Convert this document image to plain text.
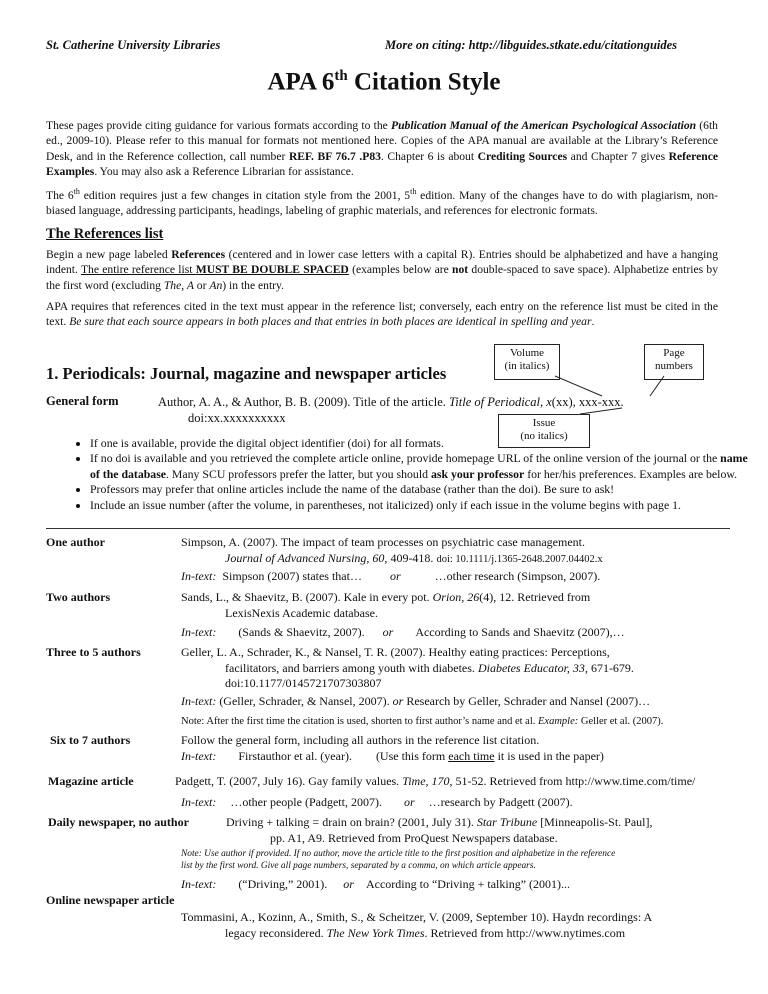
St. Catherine University Libraries	More on citing: http://libguides.stkate.edu/citationguides
APA 6th Citation Style
These pages provide citing guidance for various formats according to the Publication Manual of the American Psychological Association (6th ed., 2009-10). Please refer to this manual for formats not mentioned here. Copies of the APA manual are available at the Library’s Reference Desk, and in the Reference collection, call number REF. BF 76.7 .P83. Chapter 6 is about Crediting Sources and Chapter 7 gives Reference Examples. You may also ask a Reference Librarian for assistance.
The 6th edition requires just a few changes in citation style from the 2001, 5th edition. Many of the changes have to do with plagiarism, non-biased language, addressing participants, headings, labeling of graphic materials, and references for electronic formats.
The References list
Begin a new page labeled References (centered and in lower case letters with a capital R). Entries should be alphabetized and have a hanging indent. The entire reference list MUST BE DOUBLE SPACED (examples below are not double-spaced to save space). Alphabetize entries by the first word (excluding The, A or An) in the entry.
APA requires that references cited in the text must appear in the reference list; conversely, each entry on the reference list must be cited in the text. Be sure that each source appears in both places and that entries in both places are identical in spelling and year.
Volume
(in italics)
Page
numbers
Issue
(no italics)
1. Periodicals: Journal, magazine and newspaper articles
General form	Author, A. A., & Author, B. B. (2009). Title of the article. Title of Periodical, x(xx), xxx-xxx.
doi:xx.xxxxxxxxxx
• If one is available, provide the digital object identifier (doi) for all formats.
• If no doi is available and you retrieved the complete article online, provide homepage URL of the online version of the journal or the name of the database. Many SCU professors prefer the latter, but you should ask your professor for her/his preferences. Examples are below.
• Professors may prefer that online articles include the name of the database (rather than the doi). Be sure to ask!
• Include an issue number (after the volume, in parentheses, not italicized) only if each issue in the volume begins with page 1.
One author	Simpson, A. (2007). The impact of team processes on psychiatric case management.
Journal of Advanced Nursing, 60, 409-418. doi: 10.1111/j.1365-2648.2007.04402.x
In-text: Simpson (2007) states that… or	…other research (Simpson, 2007).
Two authors	Sands, L., & Shaevitz, B. (2007). Kale in every pot. Orion, 26(4), 12. Retrieved from
LexisNexis Academic database.
In-text: (Sands & Shaevitz, 2007). or According to Sands and Shaevitz (2007),…
Three to 5 authors	Geller, L. A., Schrader, K., & Nansel, T. R. (2007). Healthy eating practices: Perceptions,
facilitators, and barriers among youth with diabetes. Diabetes Educator, 33, 671-679.
doi:10.1177/0145721707303807
In-text: (Geller, Schrader, & Nansel, 2007). or Research by Geller, Schrader and Nansel (2007)…
Note: After the first time the citation is used, shorten to first author’s name and et al. Example: Geller et al. (2007).
Six to 7 authors	Follow the general form, including all authors in the reference list citation.
In-text: Firstauthor et al. (year). (Use this form each time it is used in the paper)
Magazine article	Padgett, T. (2007, July 16). Gay family values. Time, 170, 51-52. Retrieved from http://www.time.com/time/
In-text: …other people (Padgett, 2007). or …research by Padgett (2007).
Daily newspaper, no author	Driving + talking = drain on brain? (2001, July 31). Star Tribune [Minneapolis-St. Paul],
pp. A1, A9. Retrieved from ProQuest Newspapers database.
Note: Use author if provided. If no author, move the article title to the first position and alphabetize in the reference
list by the first word. Give all page numbers, separated by a comma, on which article appears.
In-text: (“Driving,” 2001). or According to “Driving + talking” (2001)...
Online newspaper article
Tommasini, A., Kozinn, A., Smith, S., & Scheitzer, V. (2009, September 10). Haydn recordings: A
legacy reconsidered. The New York Times. Retrieved from http://www.nytimes.com
